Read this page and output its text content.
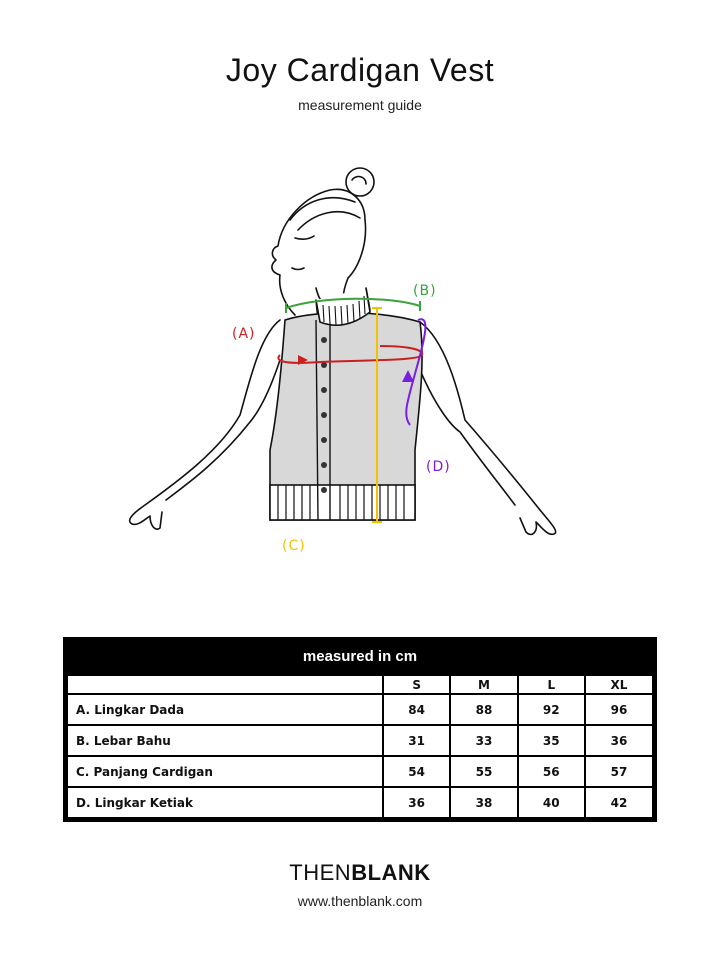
Joy Cardigan Vest
measurement guide
(A)
(B)
(C)
(D)
measured in cm
	S	M	L	XL
A. Lingkar Dada	84	88	92	96
B. Lebar Bahu	31	33	35	36
C. Panjang Cardigan	54	55	56	57
D. Lingkar Ketiak	36	38	40	42
THENBLANK
www.thenblank.com
